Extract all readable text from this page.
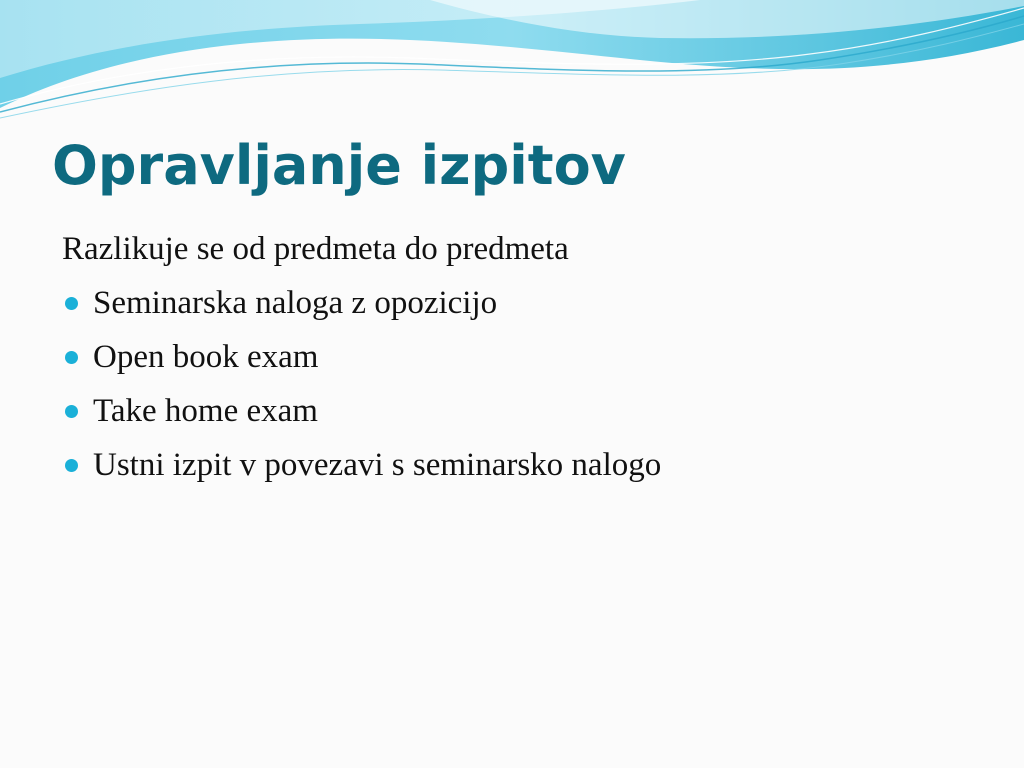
Opravljanje izpitov
Razlikuje se od predmeta do predmeta
Seminarska naloga z opozicijo
Open book exam
Take home exam
Ustni izpit v povezavi s seminarsko nalogo
